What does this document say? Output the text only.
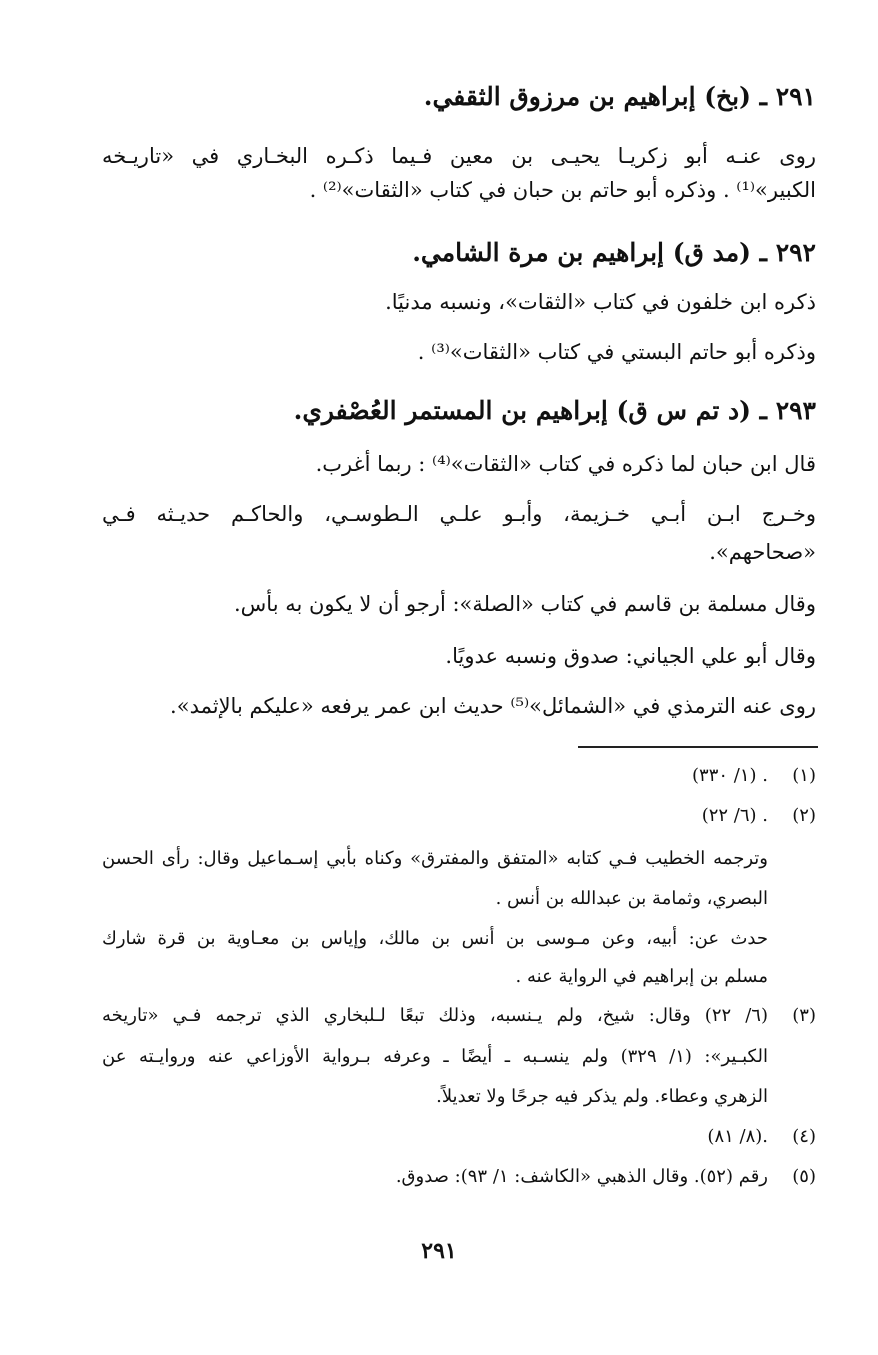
٢٩١ ـ (بخ) إبراهيم بن مرزوق الثقفي.
روى عنـه أبو زكريـا يحيـى بن معين فـيما ذكـره البخـاري في «تاريـخه
الكبير»⁽¹⁾ . وذكره أبو حاتم بن حبان في كتاب «الثقات»⁽²⁾ .
٢٩٢ ـ (مد ق) إبراهيم بن مرة الشامي.
ذكره ابن خلفون في كتاب «الثقات»، ونسبه مدنيًا.
وذكره أبو حاتم البستي في كتاب «الثقات»⁽³⁾ .
٢٩٣ ـ (د تم س ق) إبراهيم بن المستمر العُصْفري.
قال ابن حبان لما ذكره في كتاب «الثقات»⁽⁴⁾ : ربما أغرب.
وخـرج ابـن أبـي خـزيمة، وأبـو علـي الـطوسـي، والحاكـم حديـثه فـي
«صحاحهم».
وقال مسلمة بن قاسم في كتاب «الصلة»: أرجو أن لا يكون به بأس.
وقال أبو علي الجياني: صدوق ونسبه عدويًا.
روى عنه الترمذي في «الشمائل»⁽⁵⁾ حديث ابن عمر يرفعه «عليكم بالإثمد».
(١)
(١/ ٣٣٠) .
(٢)
(٦/ ٢٢) .
وترجمه الخطيب فـي كتابه «المتفق والمفترق» وكناه بأبي إسـماعيل وقال: رأى الحسن
البصري، وثمامة بن عبدالله بن أنس .
حدث عن: أبيه، وعن مـوسى بن أنس بن مالك، وإياس بن معـاوية بن قرة شارك
مسلم بن إبراهيم في الرواية عنه .
(٣)
(٦/ ٢٢) وقال: شيخ، ولم يـنسبه، وذلك تبعًا لـلبخاري الذي ترجمه فـي «تاريخه
الكبـير»: (١/ ٣٢٩) ولم ينسـبه ـ أيضًا ـ وعرفه بـرواية الأوزاعي عنه وروايـته عن
الزهري وعطاء. ولم يذكر فيه جرحًا ولا تعديلاً.
(٤)
(٨/ ٨١).
(٥)
رقم (٥٢). وقال الذهبي «الكاشف: ١/ ٩٣): صدوق.
٢٩١
